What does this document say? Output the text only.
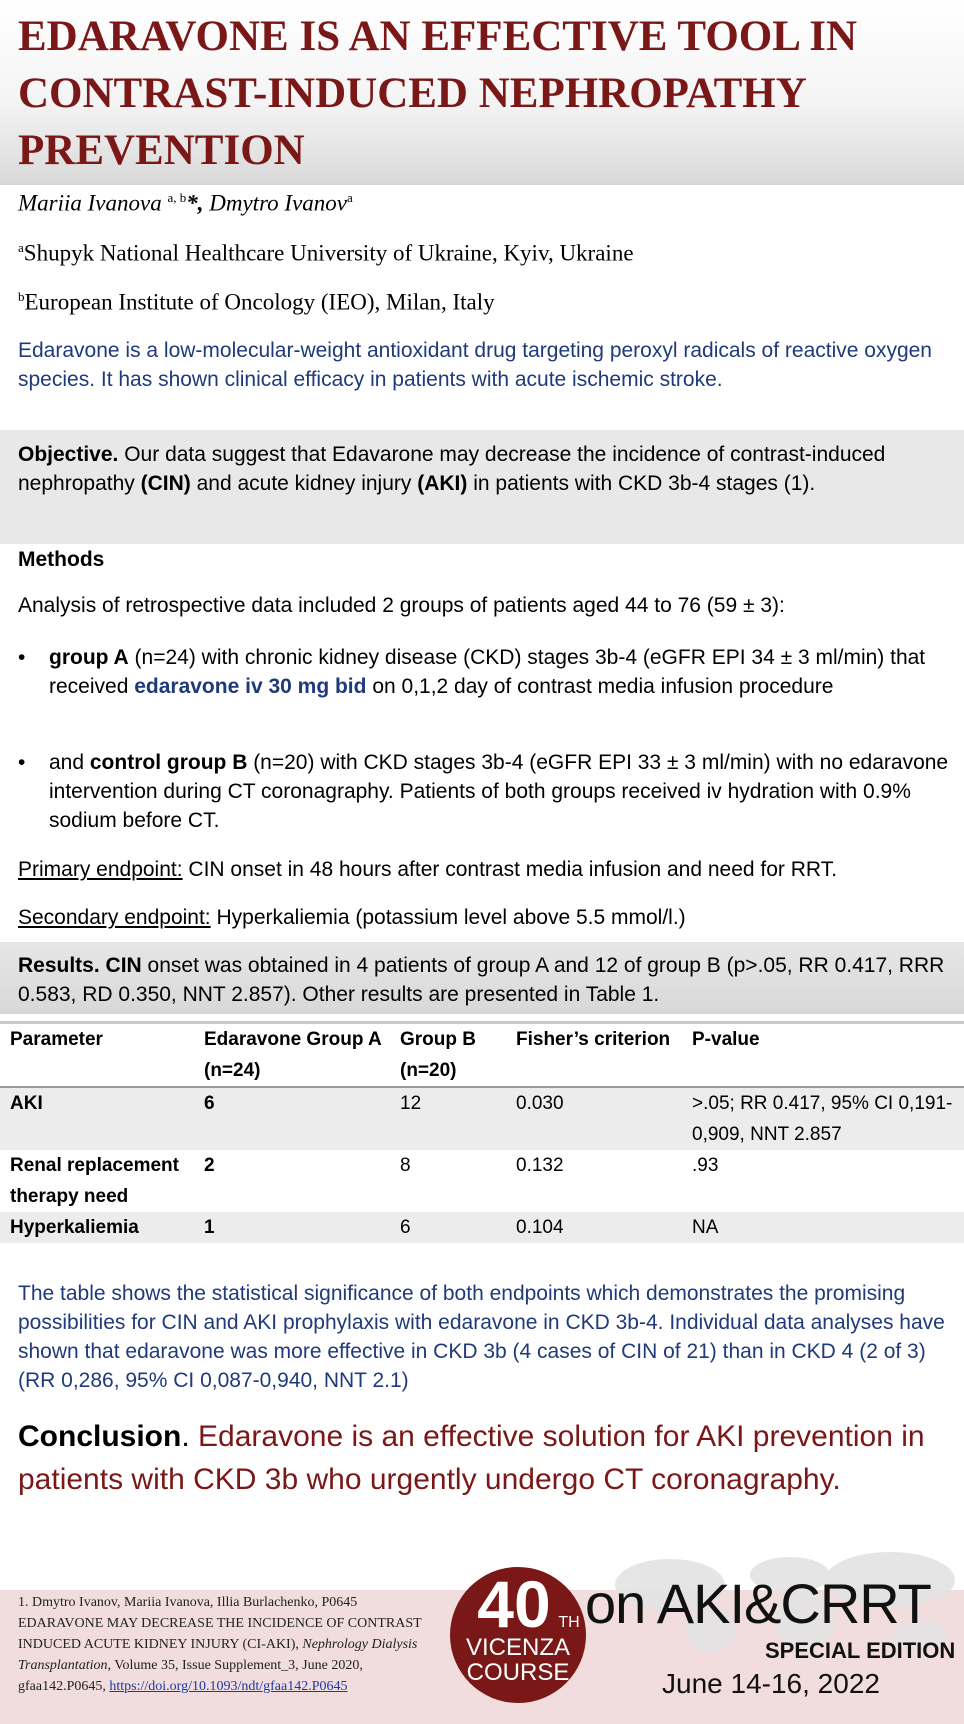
EDARAVONE IS AN EFFECTIVE TOOL IN CONTRAST-INDUCED NEPHROPATHY PREVENTION
Mariia Ivanova $^{a, b}$*, Dmytro Ivanov$^a$
$^a$Shupyk National Healthcare University of Ukraine, Kyiv, Ukraine
$^b$European Institute of Oncology (IEO), Milan, Italy

Edaravone is a low-molecular-weight antioxidant drug targeting peroxyl radicals of reactive oxygen species. It has shown clinical efficacy in patients with acute ischemic stroke.

Objective. Our data suggest that Edavarone may decrease the incidence of contrast-induced nephropathy (CIN) and acute kidney injury (AKI) in patients with CKD 3b-4 stages (1).

Methods
Analysis of retrospective data included 2 groups of patients aged 44 to 76 (59 ± 3):
• group A (n=24) with chronic kidney disease (CKD) stages 3b-4 (eGFR EPI 34 ± 3 ml/min) that received edaravone iv 30 mg bid on 0,1,2 day of contrast media infusion procedure
• and control group B (n=20) with CKD stages 3b-4 (eGFR EPI 33 ± 3 ml/min) with no edaravone intervention during CT coronagraphy. Patients of both groups received iv hydration with 0.9% sodium before CT.
Primary endpoint: CIN onset in 48 hours after contrast media infusion and need for RRT.
Secondary endpoint: Hyperkaliemia (potassium level above 5.5 mmol/l.)

Results. CIN onset was obtained in 4 patients of group A and 12 of group B (p>.05, RR 0.417, RRR 0.583, RD 0.350, NNT 2.857). Other results are presented in Table 1.

Parameter	Edaravone Group A (n=24)	Group B (n=20)	Fisher’s criterion	P-value
AKI	6	12	0.030	>.05; RR 0.417, 95% CI 0,191-0,909, NNT 2.857
Renal replacement therapy need	2	8	0.132	.93
Hyperkaliemia	1	6	0.104	NA

The table shows the statistical significance of both endpoints which demonstrates the promising possibilities for CIN and AKI prophylaxis with edaravone in CKD 3b-4. Individual data analyses have shown that edaravone was more effective in CKD 3b (4 cases of CIN of 21) than in CKD 4 (2 of 3) (RR 0,286, 95% CI 0,087-0,940, NNT 2.1)

Conclusion. Edaravone is an effective solution for AKI prevention in patients with CKD 3b who urgently undergo CT coronagraphy.

1. Dmytro Ivanov, Mariia Ivanova, Illia Burlachenko, P0645 EDARAVONE MAY DECREASE THE INCIDENCE OF CONTRAST INDUCED ACUTE KIDNEY INJURY (CI-AKI), Nephrology Dialysis Transplantation, Volume 35, Issue Supplement_3, June 2020, gfaa142.P0645, https://doi.org/10.1093/ndt/gfaa142.P0645
40 TH
VICENZA
COURSE
on AKI&CRRT
SPECIAL EDITION
June 14-16, 2022
